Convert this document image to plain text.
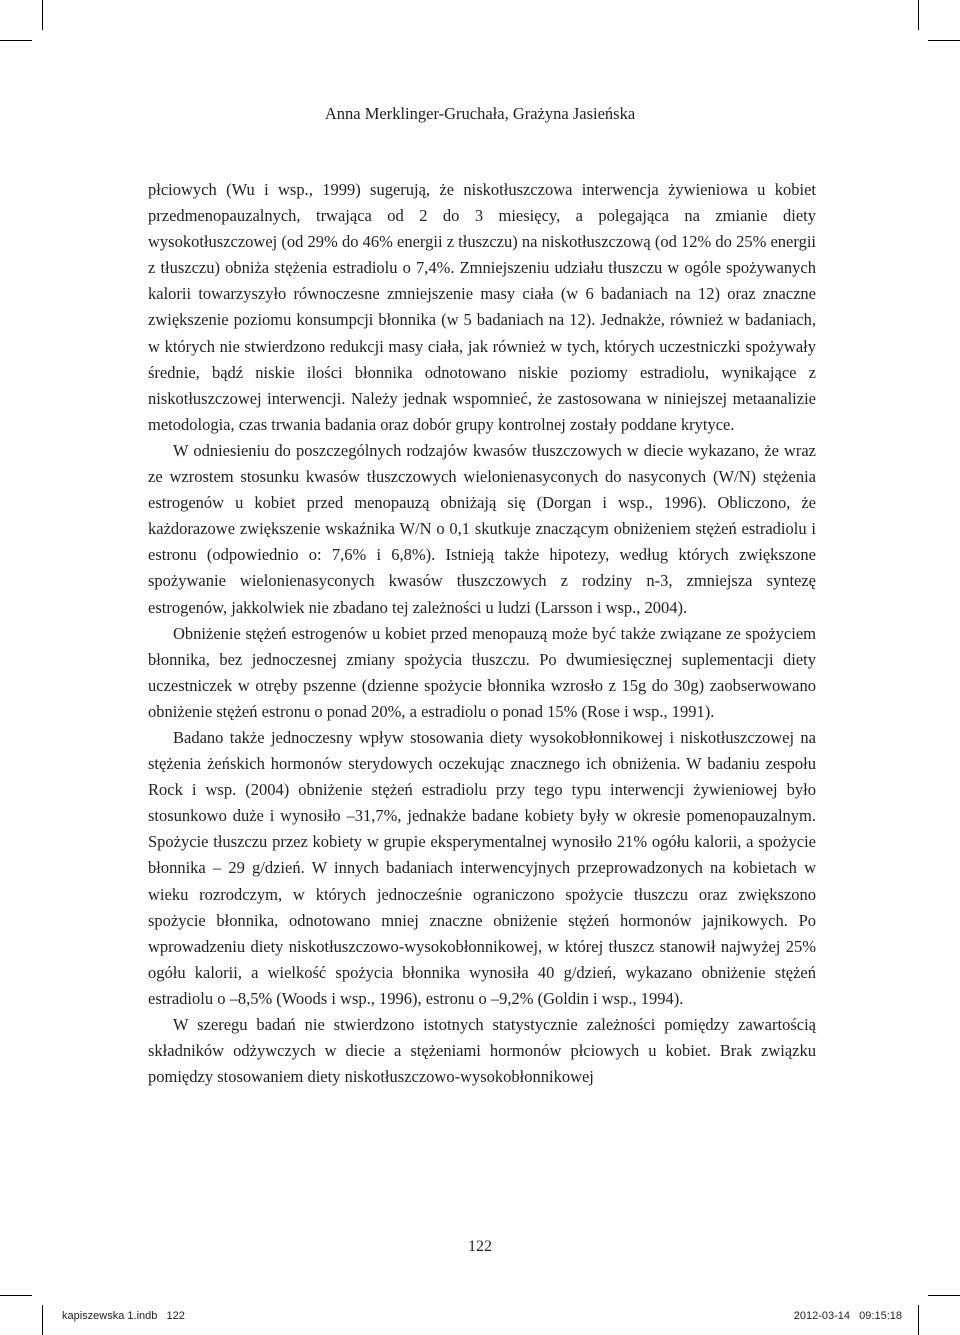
Anna Merklinger-Gruchała, Grażyna Jasieńska

płciowych (Wu i wsp., 1999) sugerują, że niskotłuszczowa interwencja żywieniowa u kobiet przedmenopauzalnych, trwająca od 2 do 3 miesięcy, a polegająca na zmianie diety wysokotłuszczowej (od 29% do 46% energii z tłuszczu) na niskotłuszczową (od 12% do 25% energii z tłuszczu) obniża stężenia estradiolu o 7,4%. Zmniejszeniu udziału tłuszczu w ogóle spożywanych kalorii towarzyszyło równoczesne zmniejszenie masy ciała (w 6 badaniach na 12) oraz znaczne zwiększenie poziomu konsumpcji błonnika (w 5 badaniach na 12). Jednakże, również w badaniach, w których nie stwierdzono redukcji masy ciała, jak również w tych, których uczestniczki spożywały średnie, bądź niskie ilości błonnika odnotowano niskie poziomy estradiolu, wynikające z niskotłuszczowej interwencji. Należy jednak wspomnieć, że zastosowana w niniejszej metaanalizie metodologia, czas trwania badania oraz dobór grupy kontrolnej zostały poddane krytyce.

W odniesieniu do poszczególnych rodzajów kwasów tłuszczowych w diecie wykazano, że wraz ze wzrostem stosunku kwasów tłuszczowych wielonienasyconych do nasyconych (W/N) stężenia estrogenów u kobiet przed menopauzą obniżają się (Dorgan i wsp., 1996). Obliczono, że każdorazowe zwiększenie wskaźnika W/N o 0,1 skutkuje znaczącym obniżeniem stężeń estradiolu i estronu (odpowiednio o: 7,6% i 6,8%). Istnieją także hipotezy, według których zwiększone spożywanie wielonienasyconych kwasów tłuszczowych z rodziny n-3, zmniejsza syntezę estrogenów, jakkolwiek nie zbadano tej zależności u ludzi (Larsson i wsp., 2004).

Obniżenie stężeń estrogenów u kobiet przed menopauzą może być także związane ze spożyciem błonnika, bez jednoczesnej zmiany spożycia tłuszczu. Po dwumiesięcznej suplementacji diety uczestniczek w otręby pszenne (dzienne spożycie błonnika wzrosło z 15g do 30g) zaobserwowano obniżenie stężeń estronu o ponad 20%, a estradiolu o ponad 15% (Rose i wsp., 1991).

Badano także jednoczesny wpływ stosowania diety wysokobłonnikowej i niskotłuszczowej na stężenia żeńskich hormonów sterydowych oczekując znacznego ich obniżenia. W badaniu zespołu Rock i wsp. (2004) obniżenie stężeń estradiolu przy tego typu interwencji żywieniowej było stosunkowo duże i wynosiło –31,7%, jednakże badane kobiety były w okresie pomenopauzalnym. Spożycie tłuszczu przez kobiety w grupie eksperymentalnej wynosiło 21% ogółu kalorii, a spożycie błonnika – 29 g/dzień. W innych badaniach interwencyjnych przeprowadzonych na kobietach w wieku rozrodczym, w których jednocześnie ograniczono spożycie tłuszczu oraz zwiększono spożycie błonnika, odnotowano mniej znaczne obniżenie stężeń hormonów jajnikowych. Po wprowadzeniu diety niskotłuszczowo-wysokobłonnikowej, w której tłuszcz stanowił najwyżej 25% ogółu kalorii, a wielkość spożycia błonnika wynosiła 40 g/dzień, wykazano obniżenie stężeń estradiolu o –8,5% (Woods i wsp., 1996), estronu o –9,2% (Goldin i wsp., 1994).

W szeregu badań nie stwierdzono istotnych statystycznie zależności pomiędzy zawartością składników odżywczych w diecie a stężeniami hormonów płciowych u kobiet. Brak związku pomiędzy stosowaniem diety niskotłuszczowo-wysokobłonnikowej

122
kapiszewska 1.indb   122	2012-03-14   09:15:18
